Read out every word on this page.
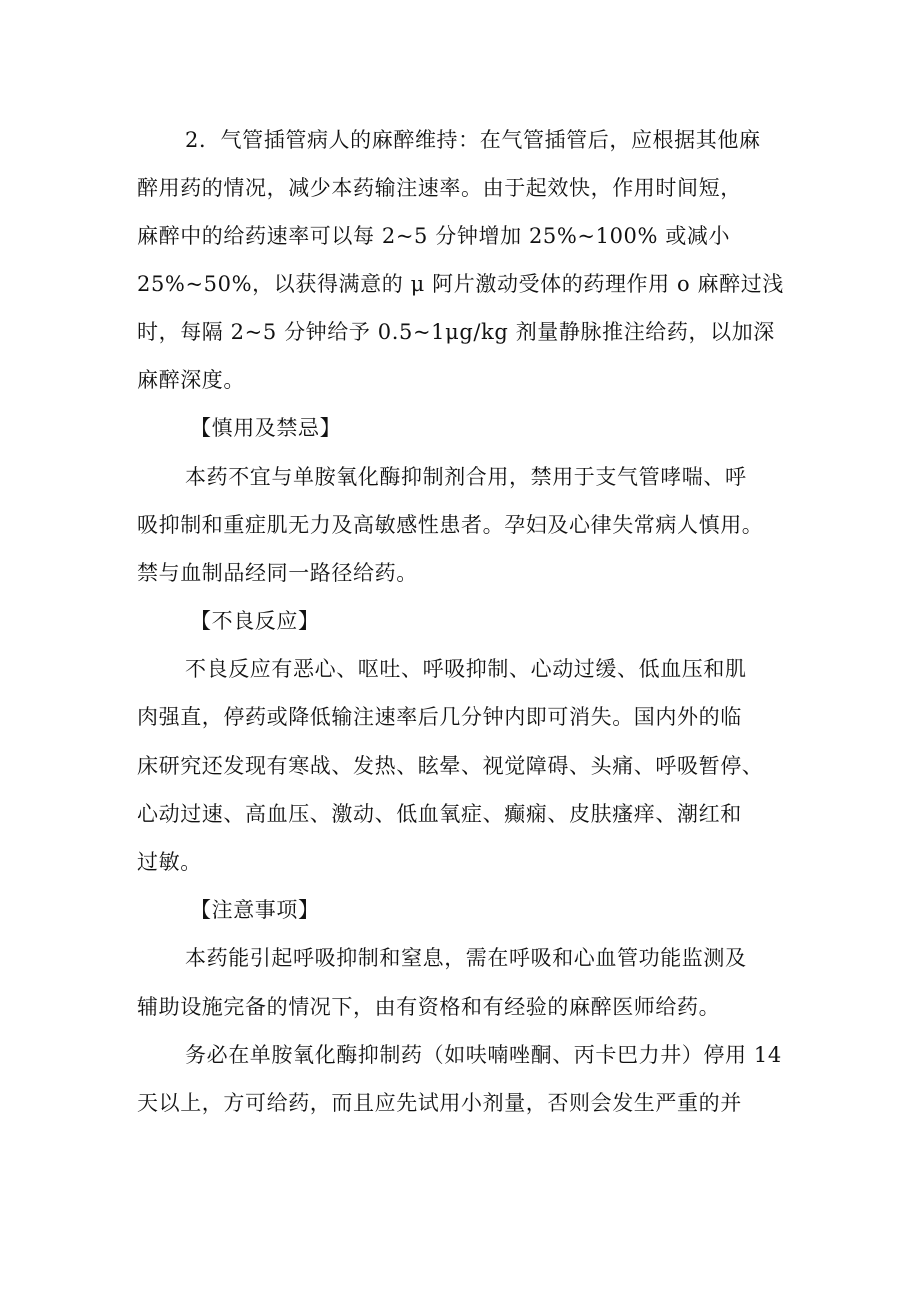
2．气管插管病人的麻醉维持：在气管插管后，应根据其他麻
醉用药的情况，减少本药输注速率。由于起效快，作用时间短，
麻醉中的给药速率可以每 2~5 分钟增加 25%~100% 或减小
25%~50%，以获得满意的 μ 阿片激动受体的药理作用 o 麻醉过浅
时，每隔 2~5 分钟给予 0.5~1μg/kg 剂量静脉推注给药，以加深
麻醉深度。
【慎用及禁忌】
本药不宜与单胺氧化酶抑制剂合用，禁用于支气管哮喘、呼
吸抑制和重症肌无力及高敏感性患者。孕妇及心律失常病人慎用。
禁与血制品经同一路径给药。
【不良反应】
不良反应有恶心、呕吐、呼吸抑制、心动过缓、低血压和肌
肉强直，停药或降低输注速率后几分钟内即可消失。国内外的临
床研究还发现有寒战、发热、眩晕、视觉障碍、头痛、呼吸暂停、
心动过速、高血压、激动、低血氧症、癫痫、皮肤瘙痒、潮红和
过敏。
【注意事项】
本药能引起呼吸抑制和窒息，需在呼吸和心血管功能监测及
辅助设施完备的情况下，由有资格和有经验的麻醉医师给药。
务必在单胺氧化酶抑制药（如呋喃唑酮、丙卡巴力井）停用 14
天以上，方可给药，而且应先试用小剂量，否则会发生严重的并
